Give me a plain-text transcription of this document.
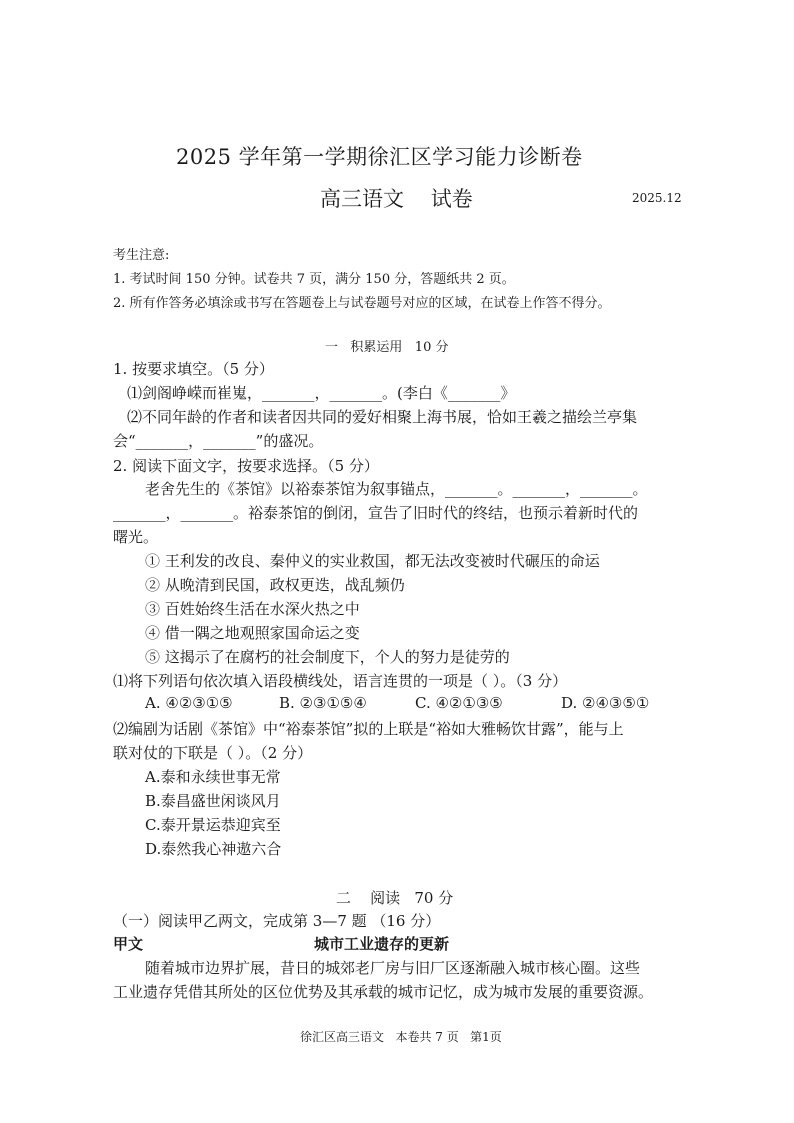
2025 学年第一学期徐汇区学习能力诊断卷
高三语文    试卷	2025.12
考生注意:
1. 考试时间 150 分钟。试卷共 7 页，满分 150 分，答题纸共 2 页。
2. 所有作答务必填涂或书写在答题卷上与试卷题号对应的区域，在试卷上作答不得分。
一   积累运用   10 分
1. 按要求填空。（5 分）
⑴剑阁峥嵘而崔嵬，_______，_______。(李白《_______》
⑵不同年龄的作者和读者因共同的爱好相聚上海书展，恰如王羲之描绘兰亭集
会“_______，_______”的盛况。
2. 阅读下面文字，按要求选择。（5 分）
老舍先生的《茶馆》以裕泰茶馆为叙事锚点，_______。_______，_______。
_______，_______。裕泰茶馆的倒闭，宣告了旧时代的终结，也预示着新时代的
曙光。
① 王利发的改良、秦仲义的实业救国，都无法改变被时代碾压的命运
② 从晚清到民国，政权更迭，战乱频仍
③ 百姓始终生活在水深火热之中
④ 借一隅之地观照家国命运之变
⑤ 这揭示了在腐朽的社会制度下，个人的努力是徒劳的
⑴将下列语句依次填入语段横线处，语言连贯的一项是（ ）。（3 分）
A. ④②③①⑤	B. ②③①⑤④	C. ④②①③⑤	D. ②④③⑤①
⑵编剧为话剧《茶馆》中“裕泰茶馆”拟的上联是“裕如大雅畅饮甘露”，能与上
联对仗的下联是（ ）。（2 分）
A.泰和永续世事无常
B.泰昌盛世闲谈风月
C.泰开景运恭迎宾至
D.泰然我心神遨六合
二    阅读   70 分
（一）阅读甲乙两文，完成第 3—7 题 （16 分）
甲文	城市工业遗存的更新
随着城市边界扩展，昔日的城郊老厂房与旧厂区逐渐融入城市核心圈。这些
工业遗存凭借其所处的区位优势及其承载的城市记忆，成为城市发展的重要资源。
徐汇区高三语文   本卷共 7 页   第1页
